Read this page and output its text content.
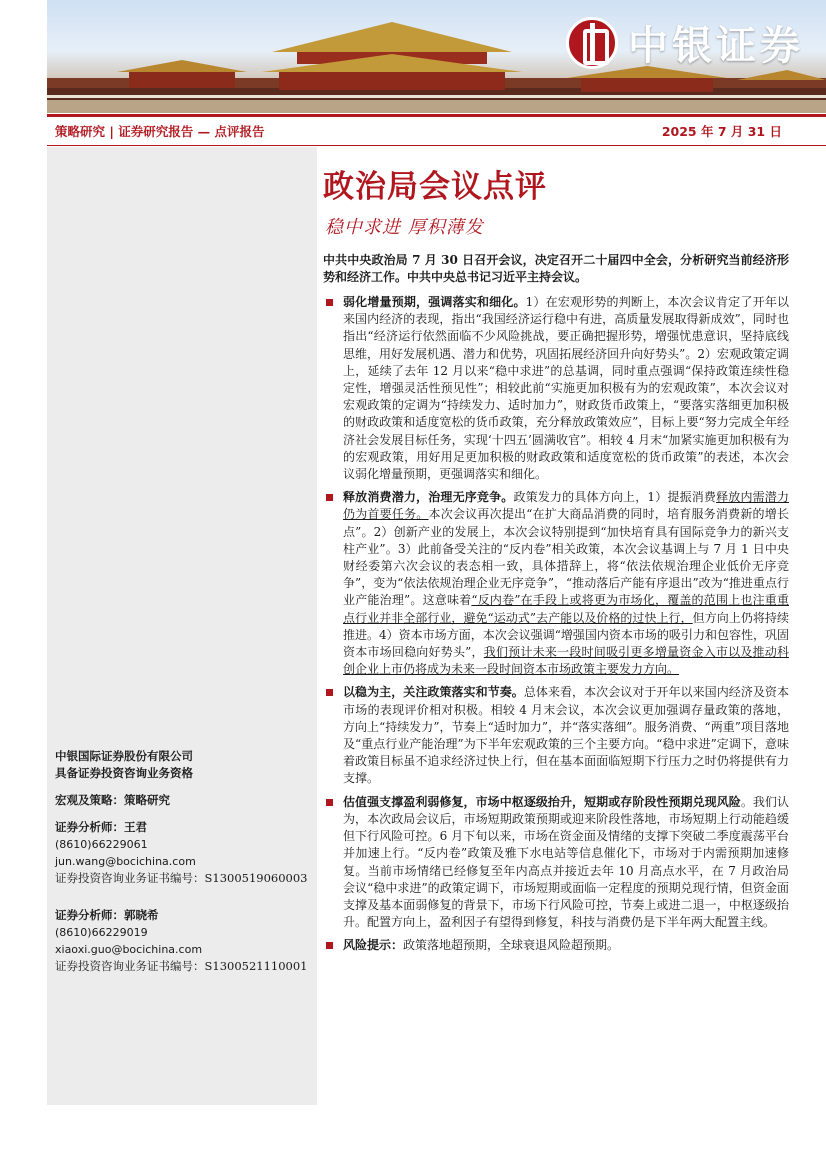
中银证券
策略研究 | 证券研究报告 — 点评报告	2025 年 7 月 31 日
中银国际证券股份有限公司
具备证券投资咨询业务资格
宏观及策略：策略研究
证券分析师：王君
(8610)66229061
jun.wang@bocichina.com
证券投资咨询业务证书编号：S1300519060003
证券分析师：郭晓希
(8610)66229019
xiaoxi.guo@bocichina.com
证券投资咨询业务证书编号：S1300521110001
政治局会议点评
稳中求进 厚积薄发
中共中央政治局 7 月 30 日召开会议，决定召开二十届四中全会，分析研究当前经济形势和经济工作。中共中央总书记习近平主持会议。
弱化增量预期，强调落实和细化。1）在宏观形势的判断上，本次会议肯定了开年以来国内经济的表现，指出“我国经济运行稳中有进，高质量发展取得新成效”，同时也指出“经济运行依然面临不少风险挑战，要正确把握形势，增强忧患意识，坚持底线思维，用好发展机遇、潜力和优势，巩固拓展经济回升向好势头”。2）宏观政策定调上，延续了去年 12 月以来“稳中求进”的总基调，同时重点强调“保持政策连续性稳定性，增强灵活性预见性”；相较此前“实施更加积极有为的宏观政策”，本次会议对宏观政策的定调为“持续发力、适时加力”，财政货币政策上，“要落实落细更加积极的财政政策和适度宽松的货币政策，充分释放政策效应”，目标上要“努力完成全年经济社会发展目标任务，实现‘十四五’圆满收官”。相较 4 月末“加紧实施更加积极有为的宏观政策，用好用足更加积极的财政政策和适度宽松的货币政策”的表述，本次会议弱化增量预期，更强调落实和细化。
释放消费潜力，治理无序竞争。政策发力的具体方向上，1）提振消费释放内需潜力仍为首要任务。本次会议再次提出“在扩大商品消费的同时，培育服务消费新的增长点”。2）创新产业的发展上，本次会议特别提到“加快培育具有国际竞争力的新兴支柱产业”。3）此前备受关注的“反内卷”相关政策，本次会议基调上与 7 月 1 日中央财经委第六次会议的表态相一致，具体措辞上，将“依法依规治理企业低价无序竞争”，变为“依法依规治理企业无序竞争”，“推动落后产能有序退出”改为“推进重点行业产能治理”。这意味着“反内卷”在手段上或将更为市场化，覆盖的范围上也注重重点行业并非全部行业，避免“运动式”去产能以及价格的过快上行，但方向上仍将持续推进。4）资本市场方面，本次会议强调“增强国内资本市场的吸引力和包容性，巩固资本市场回稳向好势头”，我们预计未来一段时间吸引更多增量资金入市以及推动科创企业上市仍将成为未来一段时间资本市场政策主要发力方向。
以稳为主，关注政策落实和节奏。总体来看，本次会议对于开年以来国内经济及资本市场的表现评价相对积极。相较 4 月末会议，本次会议更加强调存量政策的落地，方向上“持续发力”，节奏上“适时加力”，并“落实落细”。服务消费、“两重”项目落地及“重点行业产能治理”为下半年宏观政策的三个主要方向。“稳中求进”定调下，意味着政策目标虽不追求经济过快上行，但在基本面面临短期下行压力之时仍将提供有力支撑。
估值强支撑盈利弱修复，市场中枢逐级抬升，短期或存阶段性预期兑现风险。我们认为，本次政局会议后，市场短期政策预期或迎来阶段性落地，市场短期上行动能趋缓但下行风险可控。6 月下旬以来，市场在资金面及情绪的支撑下突破二季度震荡平台并加速上行。“反内卷”政策及雅下水电站等信息催化下，市场对于内需预期加速修复。当前市场情绪已经修复至年内高点并接近去年 10 月高点水平，在 7 月政治局会议“稳中求进”的政策定调下，市场短期或面临一定程度的预期兑现行情，但资金面支撑及基本面弱修复的背景下，市场下行风险可控，节奏上或进二退一，中枢逐级抬升。配置方向上，盈利因子有望得到修复，科技与消费仍是下半年两大配置主线。
风险提示：政策落地超预期，全球衰退风险超预期。
